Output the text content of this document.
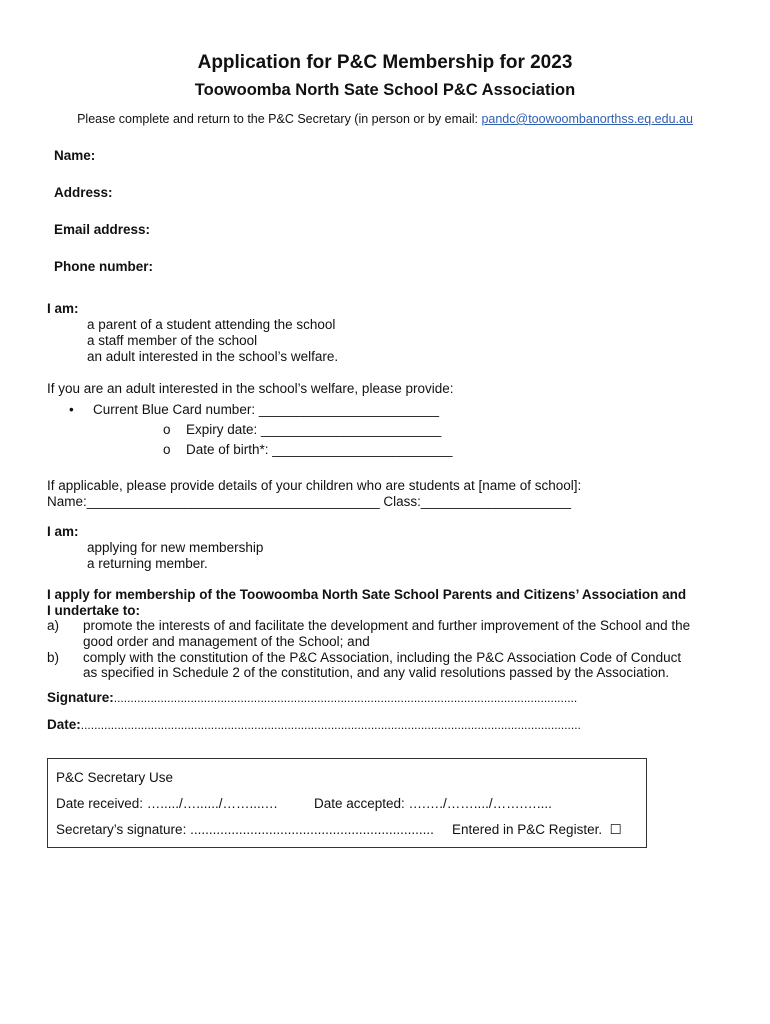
Application for P&C Membership for 2023
Toowoomba North Sate School P&C Association
Please complete and return to the P&C Secretary (in person or by email: pandc@toowoombanorthss.eq.edu.au
Name:
Address:
Email address:
Phone number:
I am:
a parent of a student attending the school
a staff member of the school
an adult interested in the school’s welfare.
If you are an adult interested in the school’s welfare, please provide:
• Current Blue Card number: ________________________
o Expiry date: ________________________
o Date of birth*: ________________________
If applicable, please provide details of your children who are students at [name of school]:
Name:_______________________________________ Class:____________________
I am:
applying for new membership
a returning member.
I apply for membership of the Toowoomba North Sate School Parents and Citizens’ Association and
I undertake to:
a) promote the interests of and facilitate the development and further improvement of the School and the
good order and management of the School; and
b) comply with the constitution of the P&C Association, including the P&C Association Code of Conduct
as specified in Schedule 2 of the constitution, and any valid resolutions passed by the Association.
Signature:...........................................................................................................................................
Date:......................................................................................................................................................
P&C Secretary Use
Date received: …...../…....../……....…	Date accepted: ….…./……..../…….…....
Secretary’s signature: ................................................................. Entered in P&C Register. ☐
